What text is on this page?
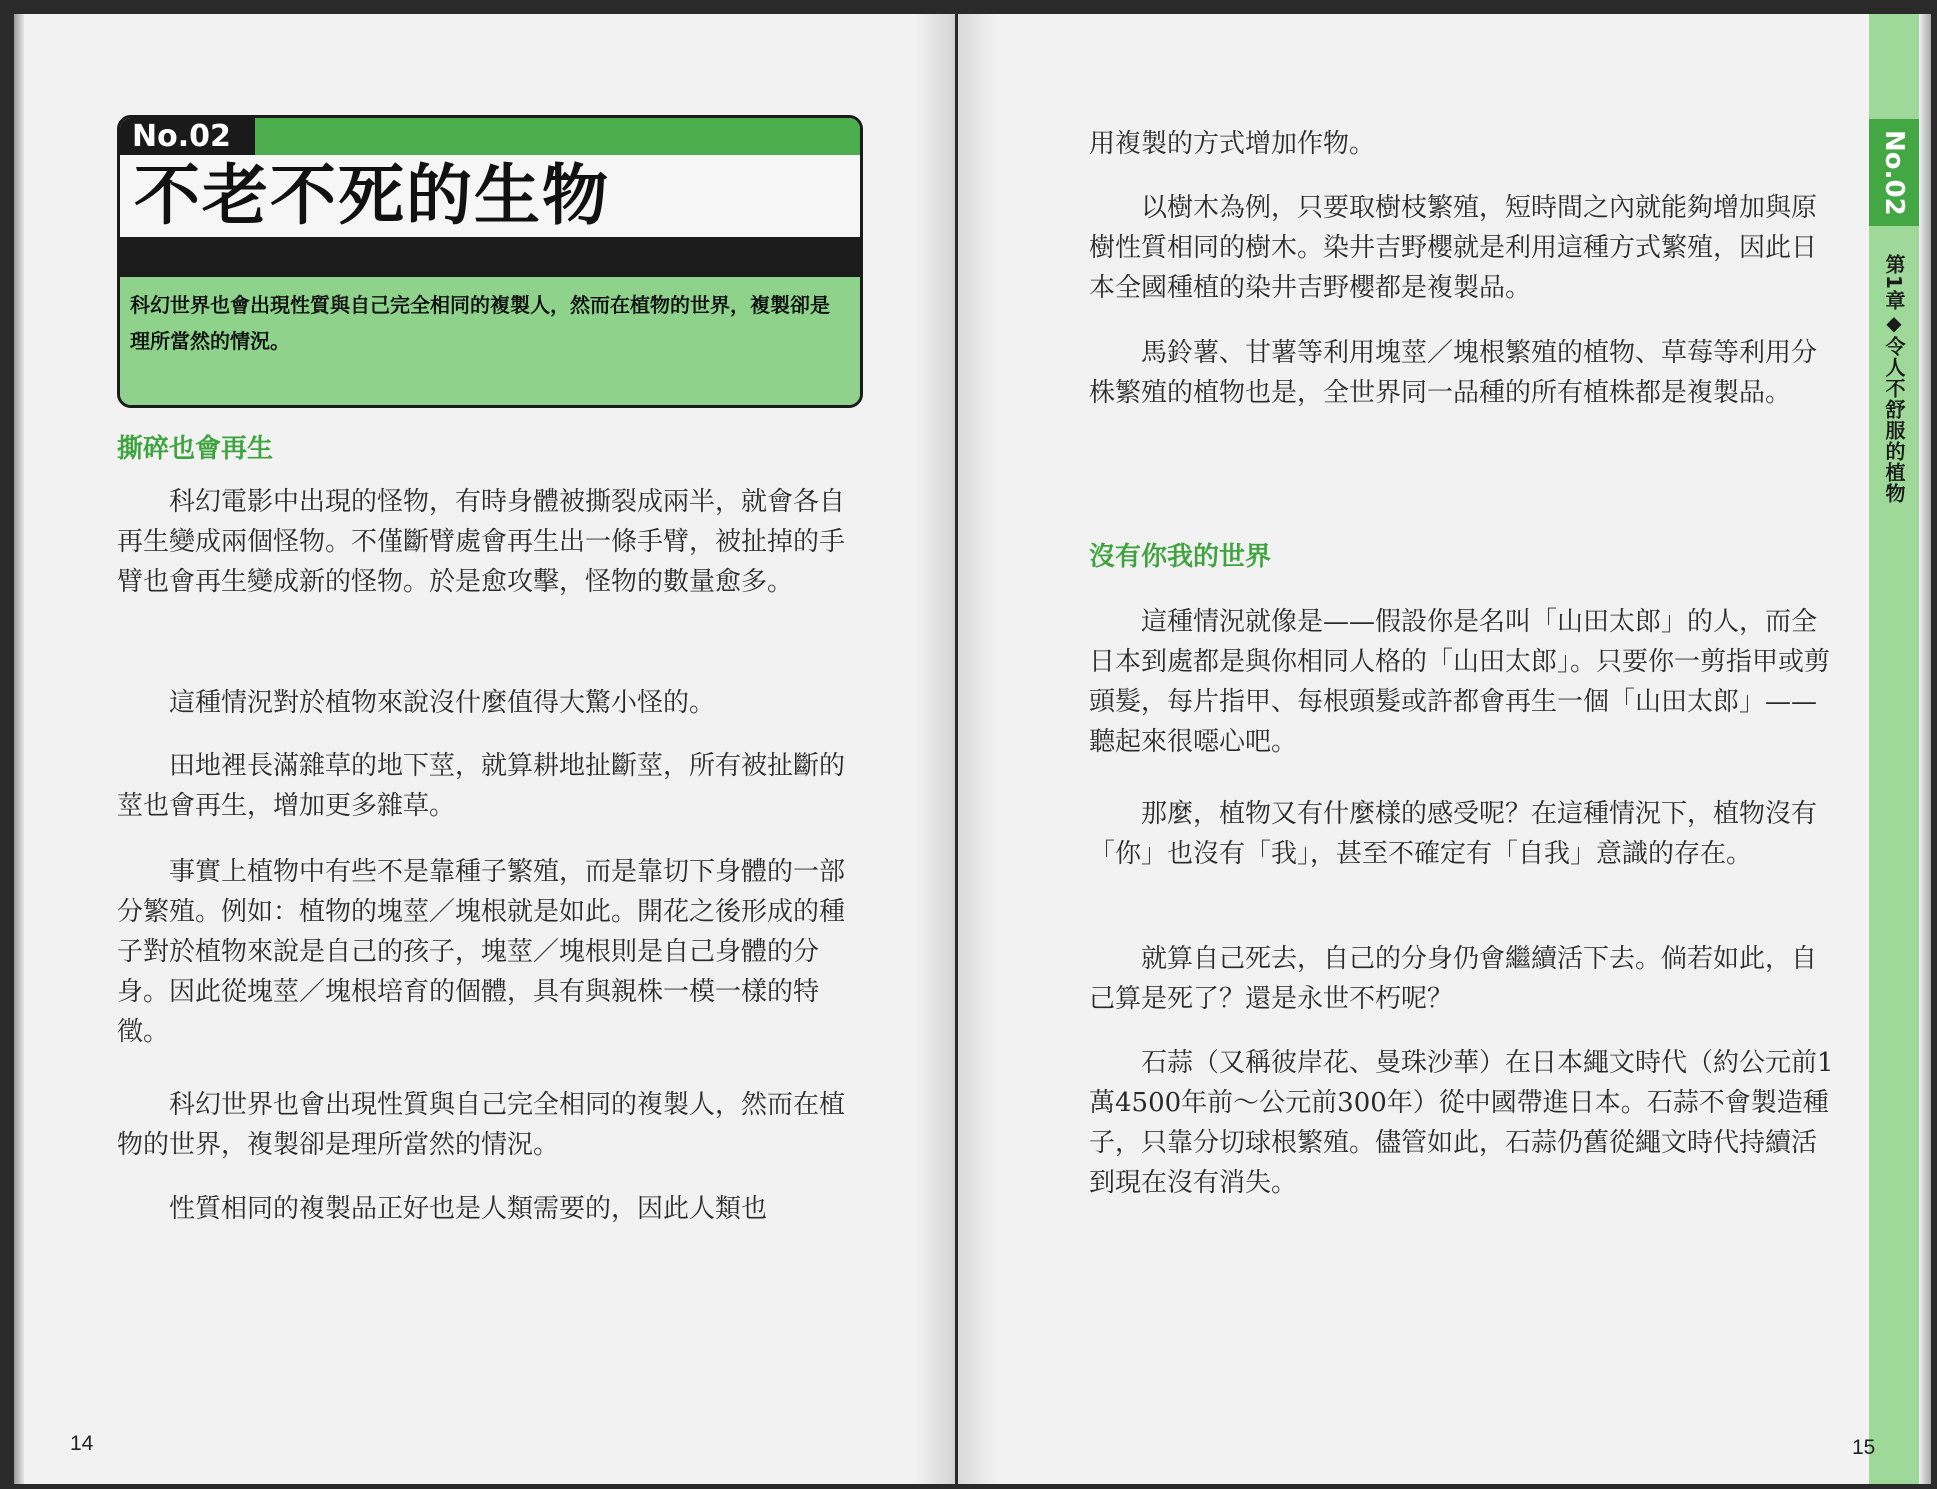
No.02
不老不死的生物
科幻世界也會出現性質與自己完全相同的複製人，然而在植物的世界，複製卻是理所當然的情況。
撕碎也會再生

科幻電影中出現的怪物，有時身體被撕裂成兩半，就會各自再生變成兩個怪物。不僅斷臂處會再生出一條手臂，被扯掉的手臂也會再生變成新的怪物。於是愈攻擊，怪物的數量愈多。

這種情況對於植物來說沒什麼值得大驚小怪的。

田地裡長滿雜草的地下莖，就算耕地扯斷莖，所有被扯斷的莖也會再生，增加更多雜草。

事實上植物中有些不是靠種子繁殖，而是靠切下身體的一部分繁殖。例如：植物的塊莖／塊根就是如此。開花之後形成的種子對於植物來說是自己的孩子，塊莖／塊根則是自己身體的分身。因此從塊莖／塊根培育的個體，具有與親株一模一樣的特徵。

科幻世界也會出現性質與自己完全相同的複製人，然而在植物的世界，複製卻是理所當然的情況。

性質相同的複製品正好也是人類需要的，因此人類也

14

用複製的方式增加作物。

以樹木為例，只要取樹枝繁殖，短時間之內就能夠增加與原樹性質相同的樹木。染井吉野櫻就是利用這種方式繁殖，因此日本全國種植的染井吉野櫻都是複製品。

馬鈴薯、甘薯等利用塊莖／塊根繁殖的植物、草莓等利用分株繁殖的植物也是，全世界同一品種的所有植株都是複製品。

沒有你我的世界

這種情況就像是——假設你是名叫「山田太郎」的人，而全日本到處都是與你相同人格的「山田太郎」。只要你一剪指甲或剪頭髮，每片指甲、每根頭髮或許都會再生一個「山田太郎」——聽起來很噁心吧。

那麼，植物又有什麼樣的感受呢？在這種情況下，植物沒有「你」也沒有「我」，甚至不確定有「自我」意識的存在。

就算自己死去，自己的分身仍會繼續活下去。倘若如此，自己算是死了？還是永世不朽呢？

石蒜（又稱彼岸花、曼珠沙華）在日本繩文時代（約公元前1萬4500年前～公元前300年）從中國帶進日本。石蒜不會製造種子，只靠分切球根繁殖。儘管如此，石蒜仍舊從繩文時代持續活到現在沒有消失。

No.02
第1章◆令人不舒服的植物
15
